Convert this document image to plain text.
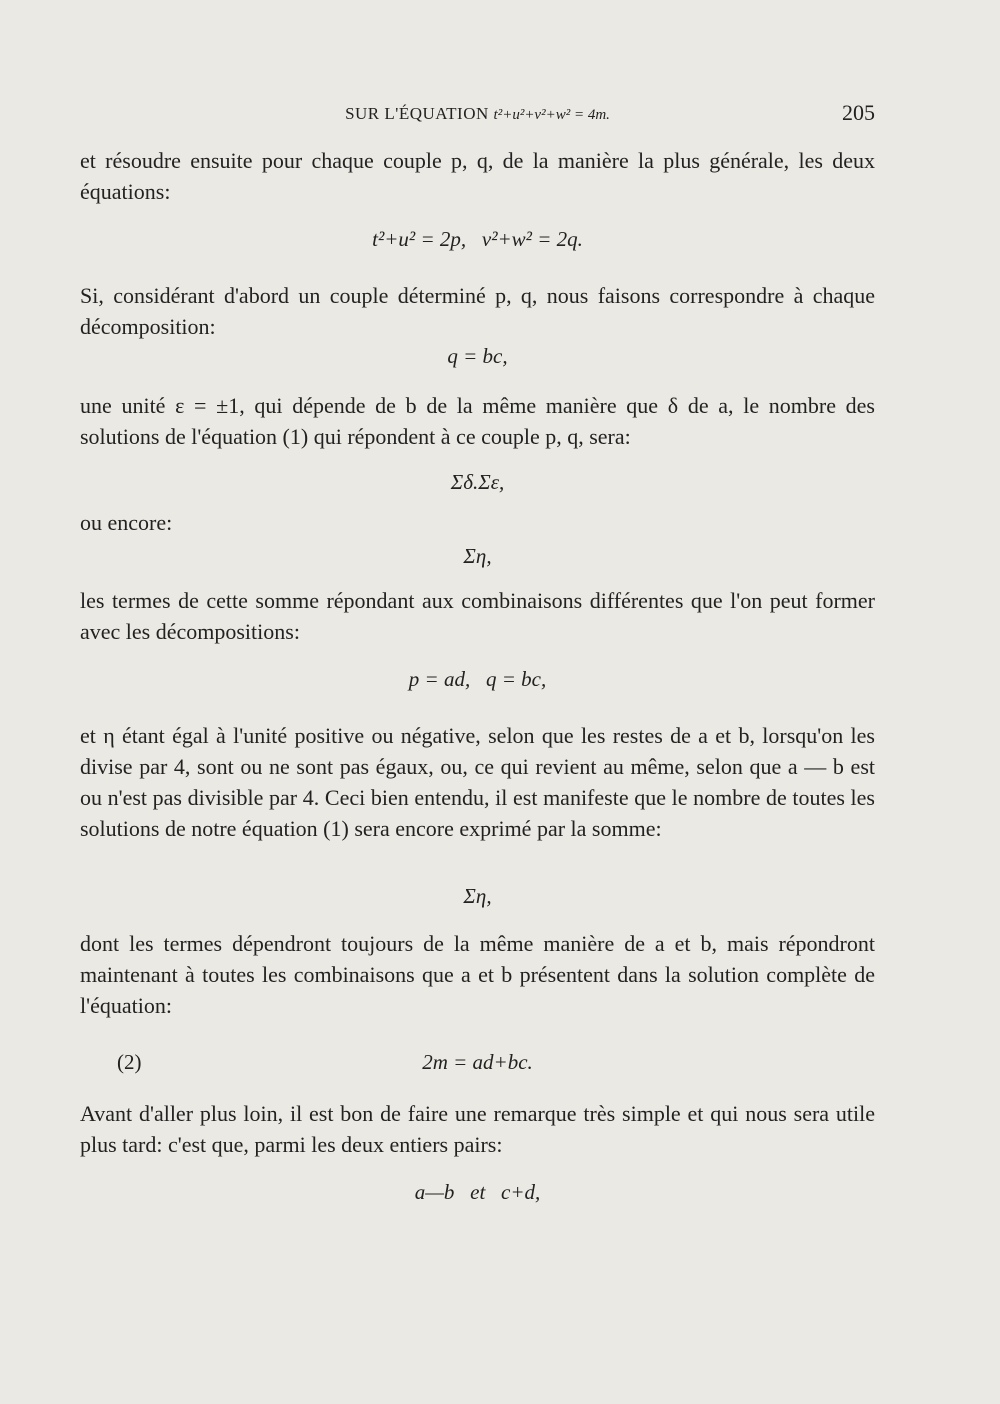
SUR L'ÉQUATION t²+u²+v²+w² = 4m.	205

et résoudre ensuite pour chaque couple p, q, de la manière la plus générale, les deux équations:

t²+u² = 2p,   v²+w² = 2q.

Si, considérant d'abord un couple déterminé p, q, nous faisons correspondre à chaque décomposition:

q = bc,

une unité ε = ±1, qui dépende de b de la même manière que δ de a, le nombre des solutions de l'équation (1) qui répondent à ce couple p, q, sera:

Σδ.Σε,

ou encore:

Ση,

les termes de cette somme répondant aux combinaisons différentes que l'on peut former avec les décompositions:

p = ad,   q = bc,

et η étant égal à l'unité positive ou négative, selon que les restes de a et b, lorsqu'on les divise par 4, sont ou ne sont pas égaux, ou, ce qui revient au même, selon que a — b est ou n'est pas divisible par 4. Ceci bien entendu, il est manifeste que le nombre de toutes les solutions de notre équation (1) sera encore exprimé par la somme:

Ση,

dont les termes dépendront toujours de la même manière de a et b, mais répondront maintenant à toutes les combinaisons que a et b présentent dans la solution complète de l'équation:

(2)	2m = ad+bc.

Avant d'aller plus loin, il est bon de faire une remarque très simple et qui nous sera utile plus tard: c'est que, parmi les deux entiers pairs:

a—b   et   c+d,
